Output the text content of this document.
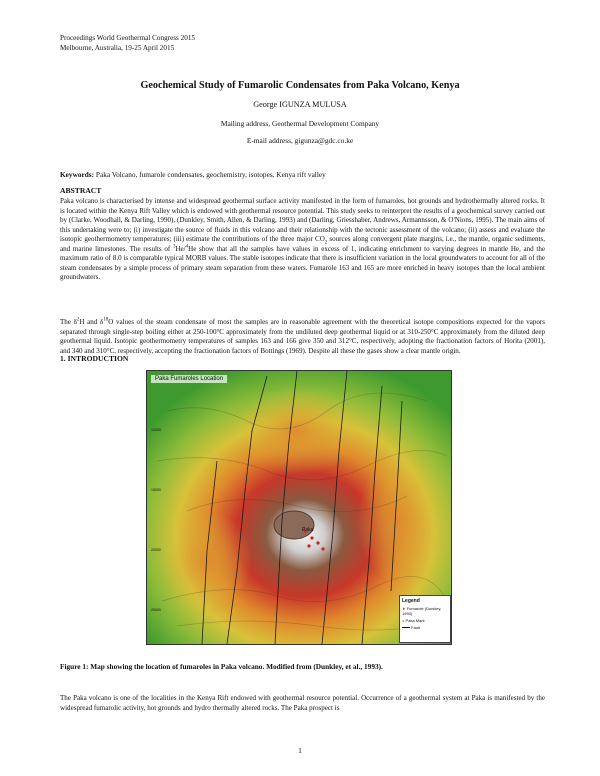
Proceedings World Geothermal Congress 2015
Melbourne, Australia, 19-25 April 2015
Geochemical Study of Fumarolic Condensates from Paka Volcano, Kenya
George IGUNZA MULUSA
Mailing address, Geothermal Development Company
E-mail address, gigunza@gdc.co.ke
Keywords: Paka Volcano, fumarole condensates, geochemistry, isotopes, Kenya rift valley
ABSTRACT
Paka volcano is characterised by intense and widespread geothermal surface activity manifested in the form of fumaroles, hot grounds and hydrothermally altered rocks. It is located within the Kenya Rift Valley which is endowed with geothermal resource potential. This study seeks to reinterpret the results of a geochemical survey carried out by (Clarke, Woodhall, & Darling, 1990), (Dunkley, Smith, Allen, & Darling, 1993) and (Darling, Griesshaber, Andrews, Armannsson, & O'Nions, 1995). The main aims of this undertaking were to; (i) investigate the source of fluids in this volcano and their relationship with the tectonic assessment of the volcano; (ii) assess and evaluate the isotopic geothermometry temperatures; (iii) estimate the contributions of the three major $CO_2$ sources along convergent plate margins, i.e., the mantle, organic sediments, and marine limestones. The results of $^3$He/$^4$He show that all the samples have values in excess of 1, indicating enrichment to varying degrees in mantle He, and the maximum ratio of 8.0 is comparable typical MORB values. The stable isotopes indicate that there is insufficient variation in the local groundwaters to account for all of the steam condensates by a simple process of primary steam separation from these waters. Fumarole 163 and 165 are more enriched in heavy isotopes than the local ambient groundwaters.
The $\delta^2H$ and $\delta^{18}O$ values of the steam condensate of most the samples are in reasonable agreement with the theoretical isotope compositions expected for the vapors separated through single-step boiling either at 250-100°C approximately from the undiluted deep geothermal liquid or at 310-250°C approximately from the diluted deep geothermal liquid. Isotopic geothermometry temperatures of samples 163 and 166 give 350 and 312°C, respectively, adopting the fractionation factors of Horita (2001), and 340 and 310°C, respectively, accepting the fractionation factors of Bottings (1969). Despite all these the gases show a clear mantle origin.
1. INTRODUCTION
Paka
10000
15000
20000
25000
Paka Fumaroles Location
Legend
★ Fumarole (Dunkley, 1993)
● Paka Mark
Fault
Figure 1: Map showing the location of fumaroles in Paka volcano. Modified from (Dunkley, et al., 1993).
The Paka volcano is one of the localities in the Kenya Rift endowed with geothermal resource potential. Occurrence of a geothermal system at Paka is manifested by the widespread fumarolic activity, hot grounds and hydro thermally altered rocks. The Paka prospect is
1
